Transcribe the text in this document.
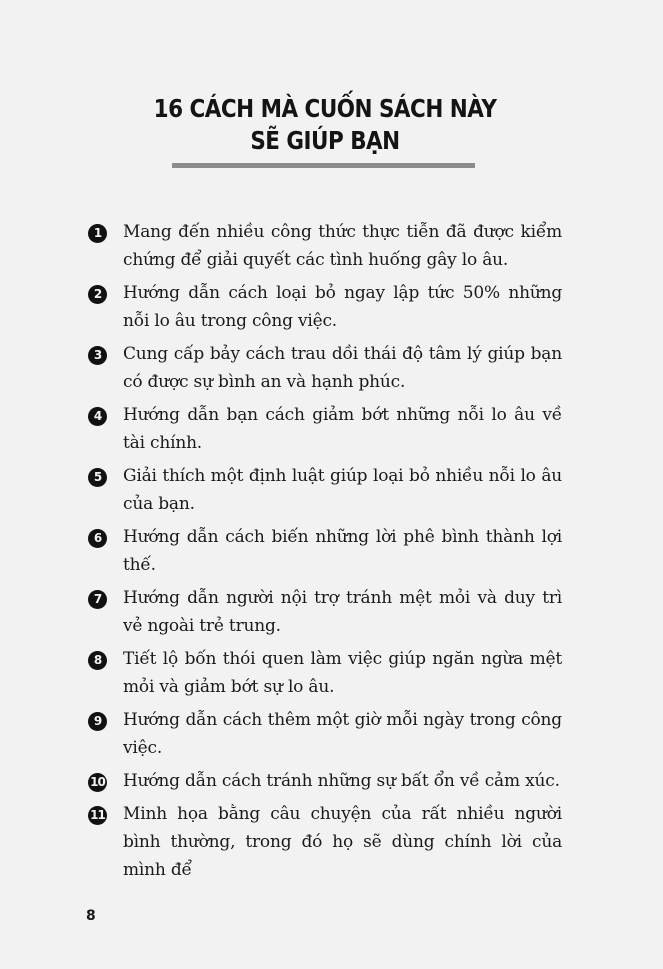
16 CÁCH MÀ CUỐN SÁCH NÀY
SẼ GIÚP BẠN
1	Mang đến nhiều công thức thực tiễn đã được kiểm chứng để giải quyết các tình huống gây lo âu.
2	Hướng dẫn cách loại bỏ ngay lập tức 50% những nỗi lo âu trong công việc.
3	Cung cấp bảy cách trau dồi thái độ tâm lý giúp bạn có được sự bình an và hạnh phúc.
4	Hướng dẫn bạn cách giảm bớt những nỗi lo âu về tài chính.
5	Giải thích một định luật giúp loại bỏ nhiều nỗi lo âu của bạn.
6	Hướng dẫn cách biến những lời phê bình thành lợi thế.
7	Hướng dẫn người nội trợ tránh mệt mỏi và duy trì vẻ ngoài trẻ trung.
8	Tiết lộ bốn thói quen làm việc giúp ngăn ngừa mệt mỏi và giảm bớt sự lo âu.
9	Hướng dẫn cách thêm một giờ mỗi ngày trong công việc.
10 Hướng dẫn cách tránh những sự bất ổn về cảm xúc.
11 Minh họa bằng câu chuyện của rất nhiều người bình thường, trong đó họ sẽ dùng chính lời của mình để
8
